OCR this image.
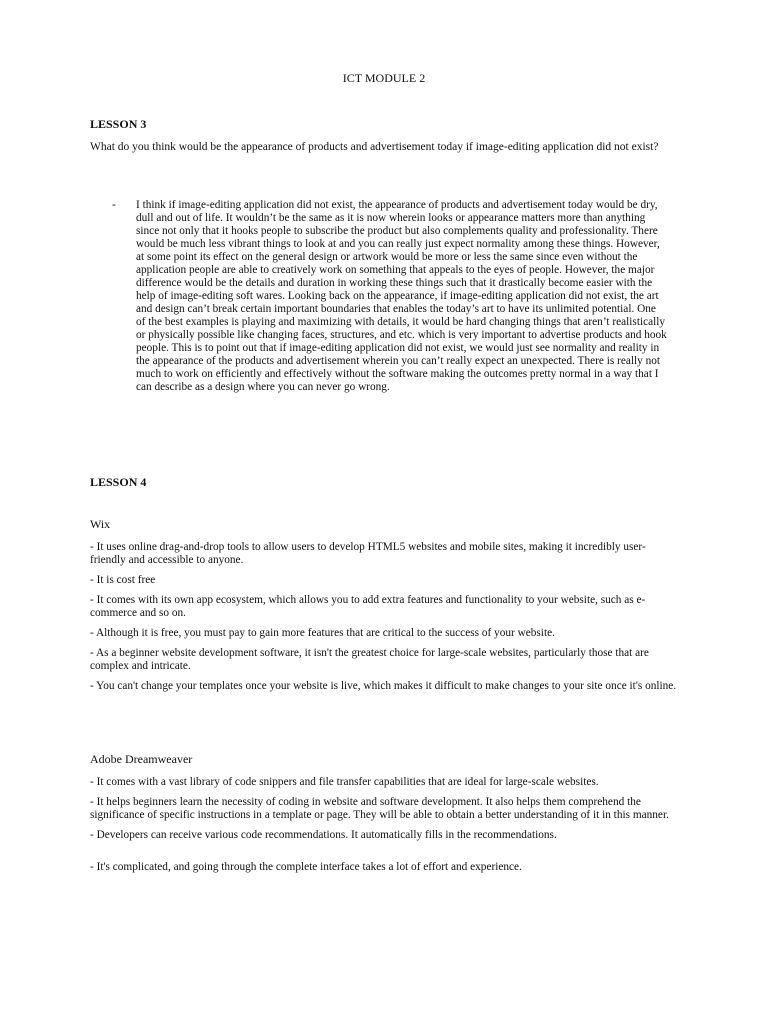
ICT MODULE 2
LESSON 3
What do you think would be the appearance of products and advertisement today if image-editing application did not exist?
-	I think if image-editing application did not exist, the appearance of products and advertisement today would be dry, dull and out of life. It wouldn’t be the same as it is now wherein looks or appearance matters more than anything since not only that it hooks people to subscribe the product but also complements quality and professionality. There would be much less vibrant things to look at and you can really just expect normality among these things. However, at some point its effect on the general design or artwork would be more or less the same since even without the application people are able to creatively work on something that appeals to the eyes of people. However, the major difference would be the details and duration in working these things such that it drastically become easier with the help of image-editing soft wares. Looking back on the appearance, if image-editing application did not exist, the art and design can’t break certain important boundaries that enables the today’s art to have its unlimited potential. One of the best examples is playing and maximizing with details, it would be hard changing things that aren’t realistically or physically possible like changing faces, structures, and etc. which is very important to advertise products and hook people. This is to point out that if image-editing application did not exist, we would just see normality and reality in the appearance of the products and advertisement wherein you can’t really expect an unexpected. There is really not much to work on efficiently and effectively without the software making the outcomes pretty normal in a way that I can describe as a design where you can never go wrong.
LESSON 4
Wix
- It uses online drag-and-drop tools to allow users to develop HTML5 websites and mobile sites, making it incredibly user-friendly and accessible to anyone.
- It is cost free
- It comes with its own app ecosystem, which allows you to add extra features and functionality to your website, such as e-commerce and so on.
- Although it is free, you must pay to gain more features that are critical to the success of your website.
- As a beginner website development software, it isn't the greatest choice for large-scale websites, particularly those that are complex and intricate.
- You can't change your templates once your website is live, which makes it difficult to make changes to your site once it's online.
Adobe Dreamweaver
- It comes with a vast library of code snippers and file transfer capabilities that are ideal for large-scale websites.
- It helps beginners learn the necessity of coding in website and software development. It also helps them comprehend the significance of specific instructions in a template or page. They will be able to obtain a better understanding of it in this manner.
- Developers can receive various code recommendations. It automatically fills in the recommendations.
- It's complicated, and going through the complete interface takes a lot of effort and experience.
